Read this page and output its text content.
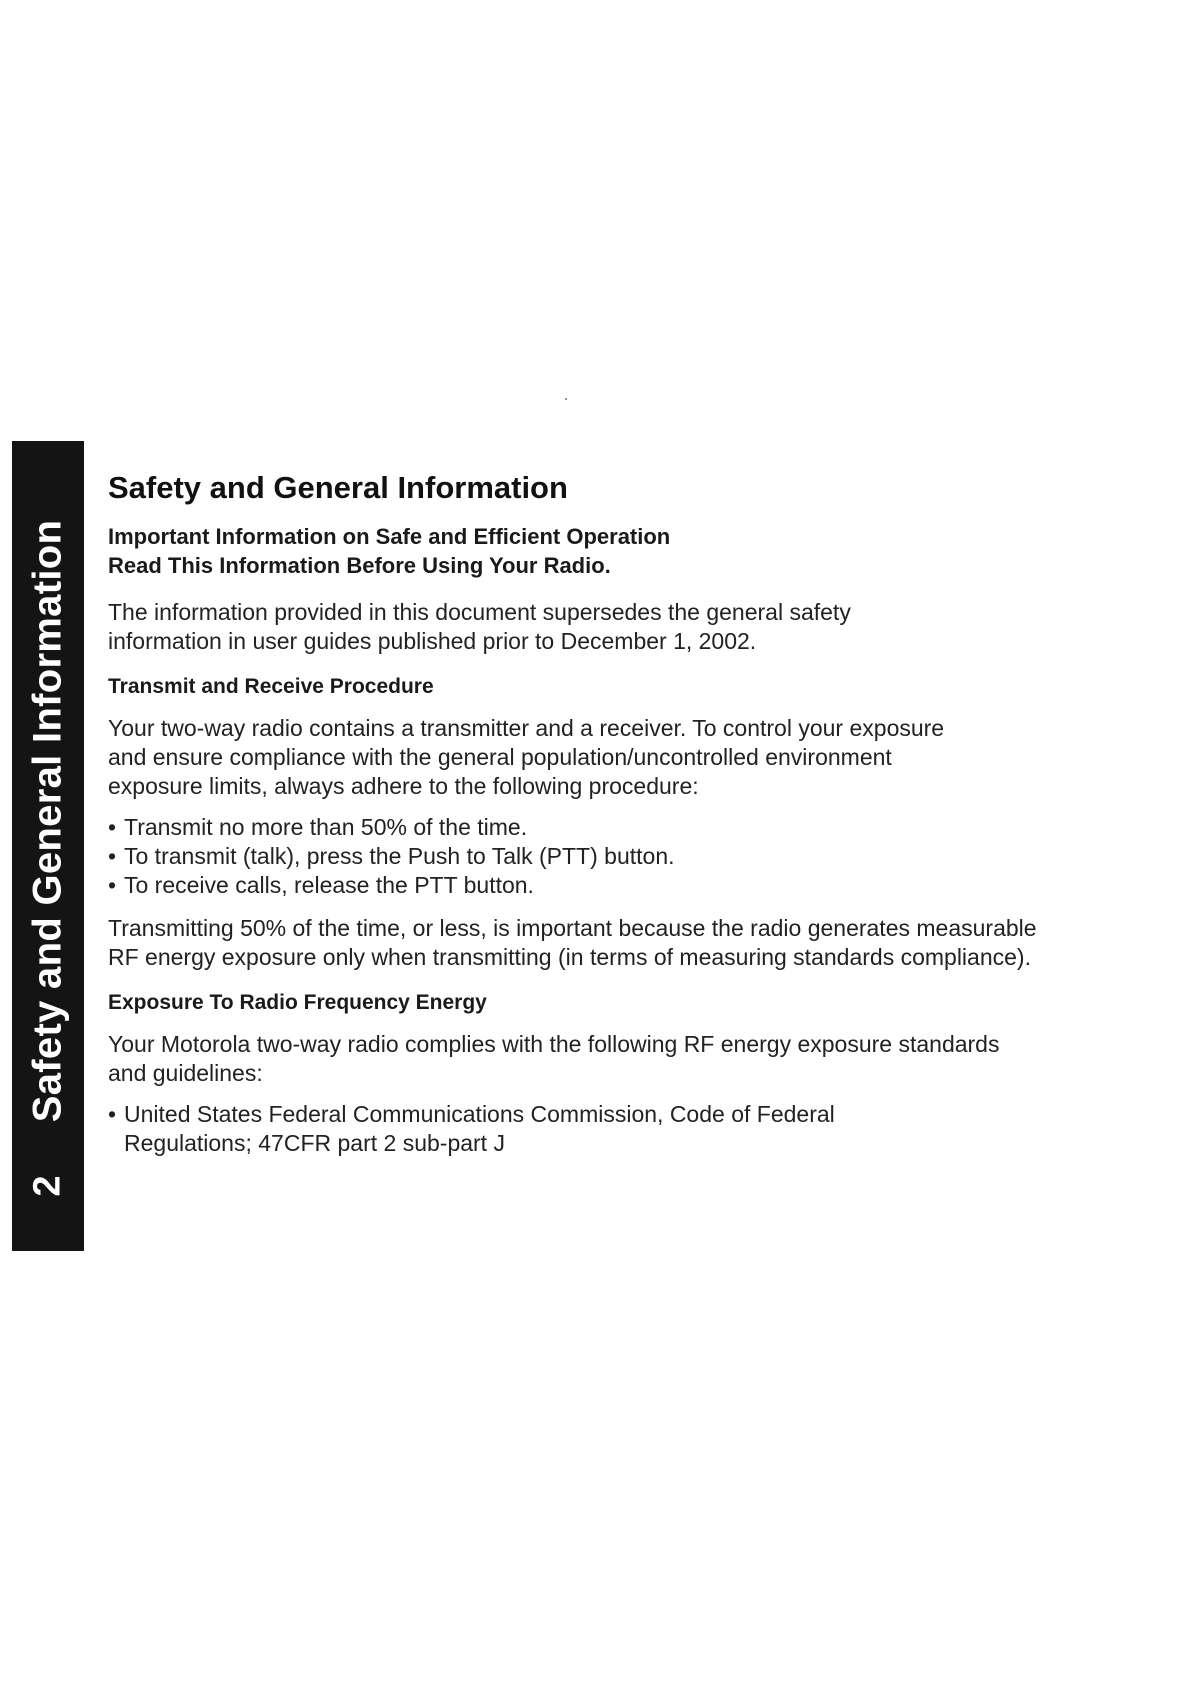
Safety and General Information
2
Safety and General Information
Important Information on Safe and Efficient Operation
Read This Information Before Using Your Radio.

The information provided in this document supersedes the general safety information in user guides published prior to December 1, 2002.

Transmit and Receive Procedure

Your two-way radio contains a transmitter and a receiver. To control your exposure and ensure compliance with the general population/uncontrolled environment exposure limits, always adhere to the following procedure:

• Transmit no more than 50% of the time.
• To transmit (talk), press the Push to Talk (PTT) button.
• To receive calls, release the PTT button.

Transmitting 50% of the time, or less, is important because the radio generates measurable RF energy exposure only when transmitting (in terms of measuring standards compliance).

Exposure To Radio Frequency Energy

Your Motorola two-way radio complies with the following RF energy exposure standards and guidelines:

• United States Federal Communications Commission, Code of Federal Regulations; 47CFR part 2 sub-part J
